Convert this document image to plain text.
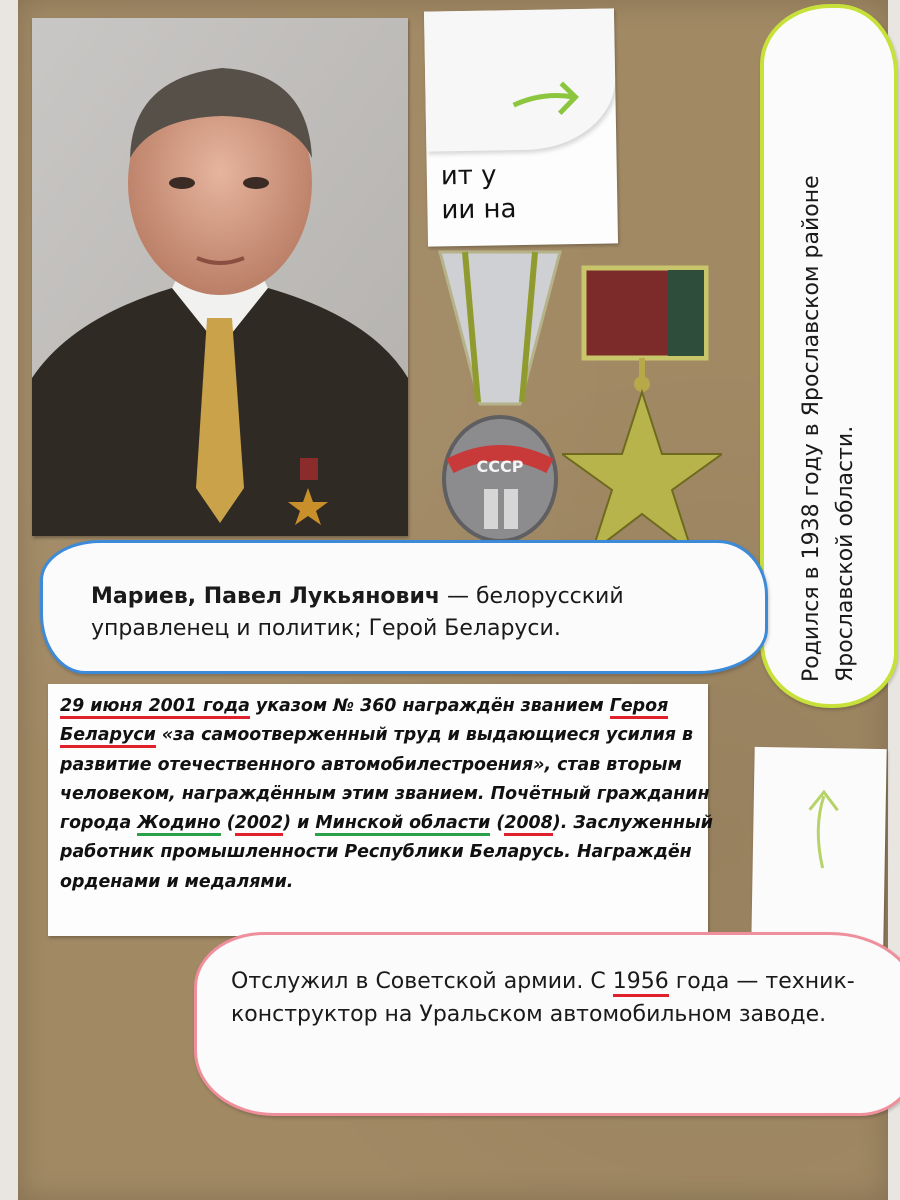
ит у
ии на
СССР	Родился в 1938 году в Ярославском районе Ярославской области.
Мариев, Павел Лукьянович — белорусский управленец и политик; Герой Беларуси.
29 июня 2001 года указом № 360 награждён званием Героя Беларуси «за самоотверженный труд и выдающиеся усилия в развитие отечественного автомобилестроения», став вторым человеком, награждённым этим званием. Почётный гражданин города Жодино (2002) и Минской области (2008). Заслуженный работник промышленности Республики Беларусь. Награждён орденами и медалями.
Отслужил в Советской армии. С 1956 года — техник-конструктор на Уральском автомобильном заводе.
